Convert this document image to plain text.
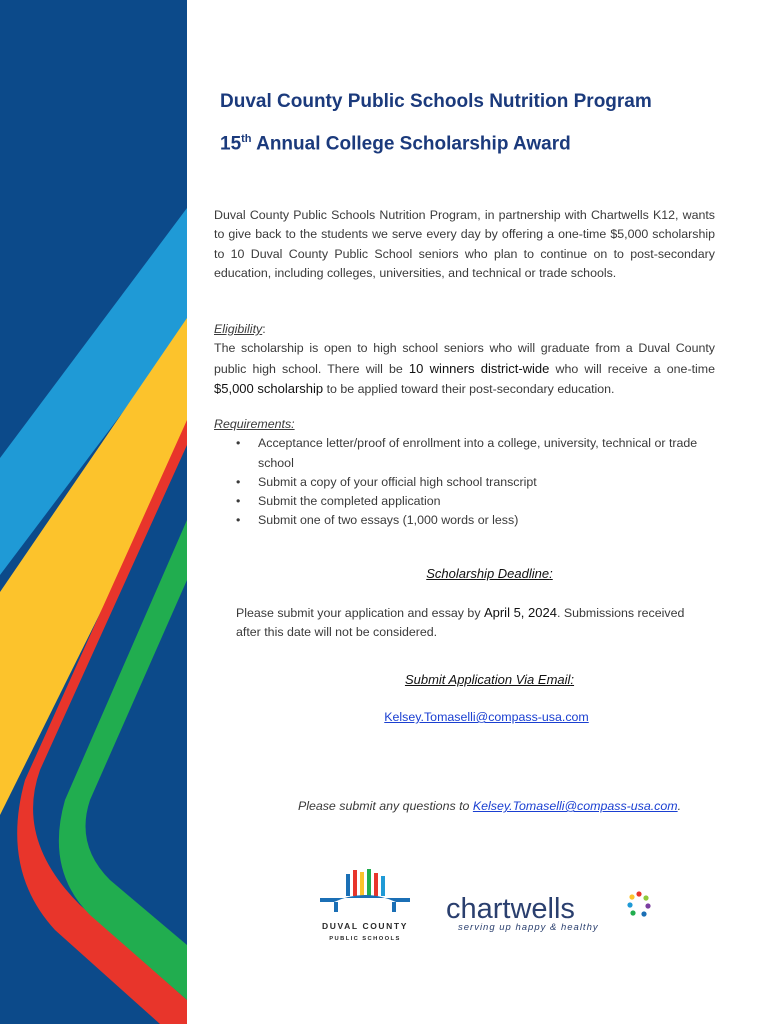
Duval County Public Schools Nutrition Program
15th Annual College Scholarship Award

Duval County Public Schools Nutrition Program, in partnership with Chartwells K12, wants to give back to the students we serve every day by offering a one-time $5,000 scholarship to 10 Duval County Public School seniors who plan to continue on to post-secondary education, including colleges, universities, and technical or trade schools.

Eligibility:

The scholarship is open to high school seniors who will graduate from a Duval County public high school. There will be 10 winners district-wide who will receive a one-time $5,000 scholarship to be applied toward their post-secondary education.

Requirements:
• Acceptance letter/proof of enrollment into a college, university, technical or trade school
• Submit a copy of your official high school transcript
• Submit the completed application
• Submit one of two essays (1,000 words or less)
Scholarship Deadline:
Please submit your application and essay by April 5, 2024. Submissions received after this date will not be considered.
Submit Application Via Email:
Kelsey.Tomaselli@compass-usa.com
Please submit any questions to Kelsey.Tomaselli@compass-usa.com.
DUVAL COUNTY
PUBLIC SCHOOLS
chartwells
serving up happy & healthy
